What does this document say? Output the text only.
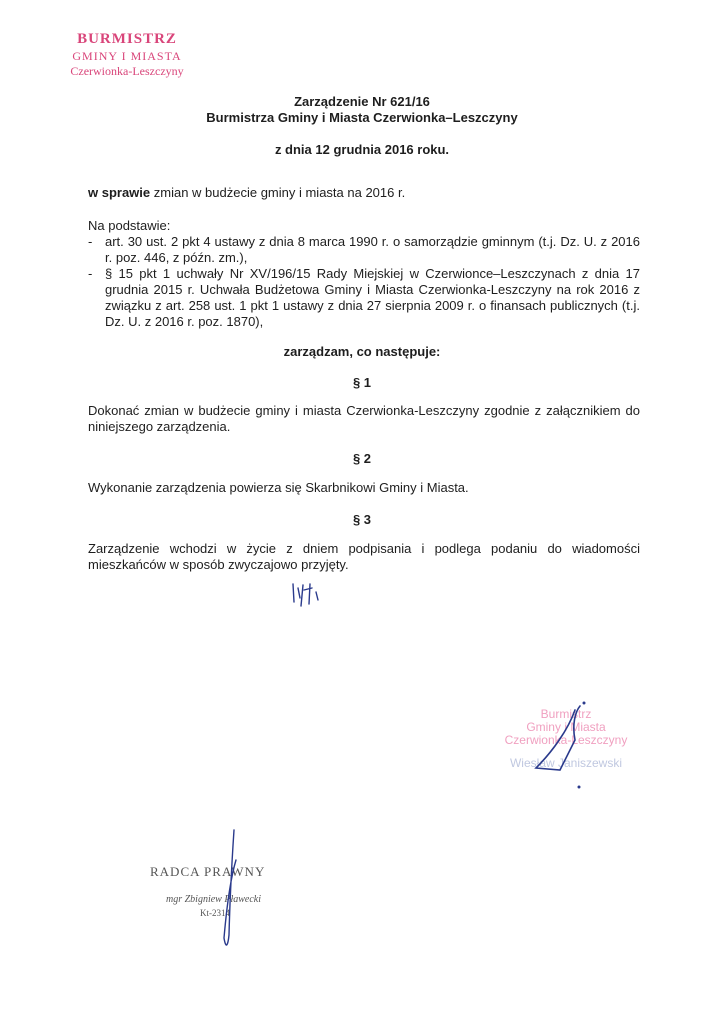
BURMISTRZ
GMINY I MIASTA
Czerwionka-Leszczyny
Zarządzenie Nr 621/16
Burmistrza Gminy i Miasta Czerwionka–Leszczyny
z dnia 12 grudnia 2016 roku.
w sprawie zmian w budżecie gminy i miasta na 2016 r.
Na podstawie:
- art. 30 ust. 2 pkt 4 ustawy z dnia 8 marca 1990 r. o samorządzie gminnym (t.j. Dz. U. z 2016 r. poz. 446, z późn. zm.),
- § 15 pkt 1 uchwały Nr XV/196/15 Rady Miejskiej w Czerwionce–Leszczynach z dnia 17 grudnia 2015 r. Uchwała Budżetowa Gminy i Miasta Czerwionka-Leszczyny na rok 2016 z związku z art. 258 ust. 1 pkt 1 ustawy z dnia 27 sierpnia 2009 r. o finansach publicznych (t.j. Dz. U. z 2016 r. poz. 1870),
zarządzam, co następuje:
§ 1
Dokonać zmian w budżecie gminy i miasta Czerwionka-Leszczyny zgodnie z załącznikiem do niniejszego zarządzenia.
§ 2
Wykonanie zarządzenia powierza się Skarbnikowi Gminy i Miasta.
§ 3
Zarządzenie wchodzi w życie z dniem podpisania i podlega podaniu do wiadomości mieszkańców w sposób zwyczajowo przyjęty.
Burmistrz
Gminy i Miasta
Czerwionka-Leszczyny
Wiesław Janiszewski
RADCA PRAWNY
mgr Zbigniew Pławecki
Kt-2314
